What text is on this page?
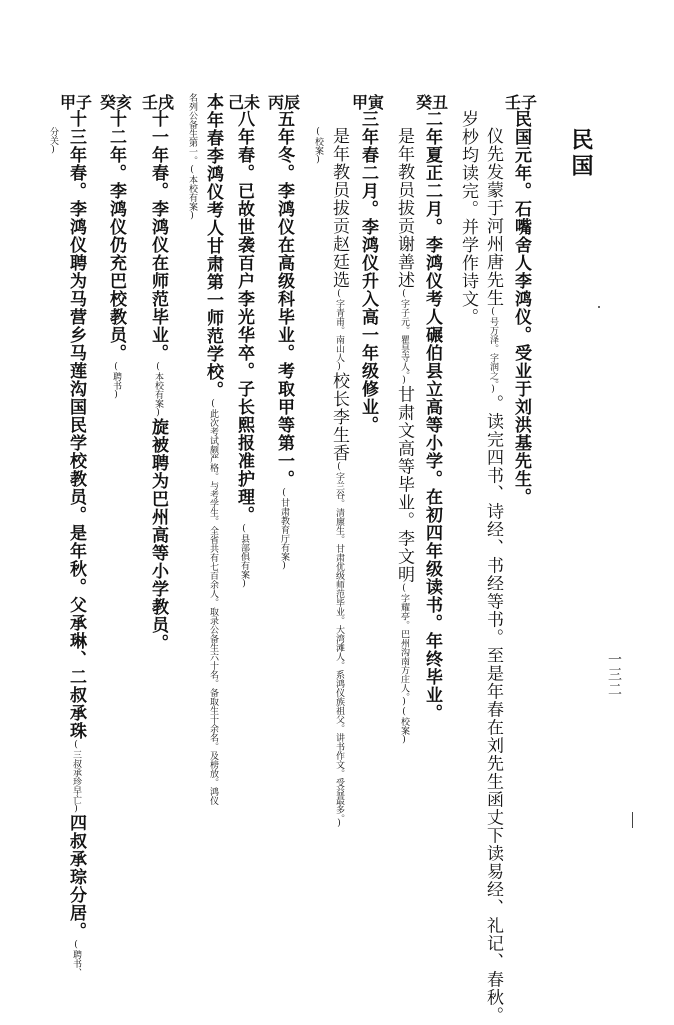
民国
一三二
壬子
民国元年。石嘴舍人李鸿仪。受业于刘洪基先生。
仪先发蒙于河州唐先生(号万泽。字润之。)。读完四书、诗经、书经等书。至是年春在刘先生函丈下读易经、礼记、春秋。
岁杪均读完。并学作诗文。
癸丑
二年夏正二月。李鸿仪考人碾伯县立高等小学。在初四年级读书。年终毕业。
是年教员拔贡谢善述(字子元。瞿昙寺人。)甘肃文高等毕业。李文明(字耀亭。巴州沟南方庄人。)(校案)
甲寅
三年春二月。李鸿仪升入高一年级修业。
是年教员拔贡赵廷选(字青甫。南山人)校长李生香(字兰谷。清廪生。甘肃优级师范毕业。大湾滩人。系鸿仪族祖父。讲书作文。受益最多。)
(校案)
丙辰
五年冬。李鸿仪在高级科毕业。考取甲等第一。(甘肃教育厅有案)
己未
八年春。已故世袭百户李光华卒。子长熙报准护理。(县部俱有案)
本年春李鸿仪考人甘肃第一师范学校。(此次考试颇严格。与考学生。全省共有七百余人。取录公备生六十名。备取生十余名。及榜放。鸿仪
名列公备生第一。(本校有案)
壬戌
十一年春。李鸿仪在师范毕业。(本校有案)旋被聘为巴州高等小学教员。
癸亥
十二年。李鸿仪仍充巴校教员。(聘书)
甲子
十三年春。李鸿仪聘为马营乡马莲沟国民学校教员。是年秋。父承琳、二叔承珠(三叔承珍早亡)四叔承琮分居。(聘书、
分关)
